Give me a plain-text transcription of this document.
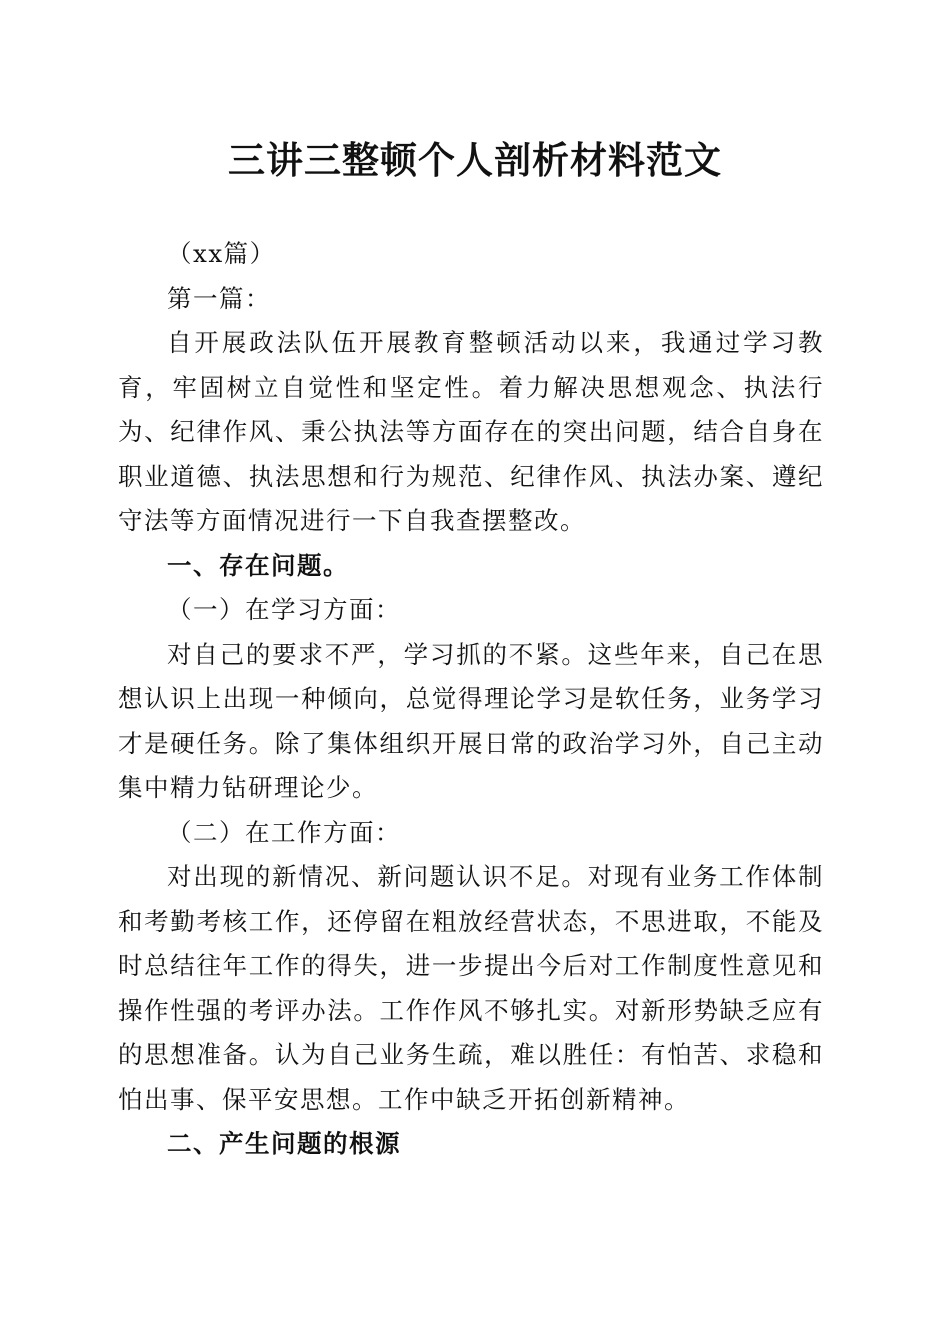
三讲三整顿个人剖析材料范文

（xx篇）

第一篇：

自开展政法队伍开展教育整顿活动以来，我通过学习教育，牢固树立自觉性和坚定性。着力解决思想观念、执法行为、纪律作风、秉公执法等方面存在的突出问题，结合自身在职业道德、执法思想和行为规范、纪律作风、执法办案、遵纪守法等方面情况进行一下自我查摆整改。

一、存在问题。

（一）在学习方面：

对自己的要求不严，学习抓的不紧。这些年来，自己在思想认识上出现一种倾向，总觉得理论学习是软任务，业务学习才是硬任务。除了集体组织开展日常的政治学习外，自己主动集中精力钻研理论少。

（二）在工作方面：

对出现的新情况、新问题认识不足。对现有业务工作体制和考勤考核工作，还停留在粗放经营状态，不思进取，不能及时总结往年工作的得失，进一步提出今后对工作制度性意见和操作性强的考评办法。工作作风不够扎实。对新形势缺乏应有的思想准备。认为自己业务生疏，难以胜任：有怕苦、求稳和怕出事、保平安思想。工作中缺乏开拓创新精神。

二、产生问题的根源
